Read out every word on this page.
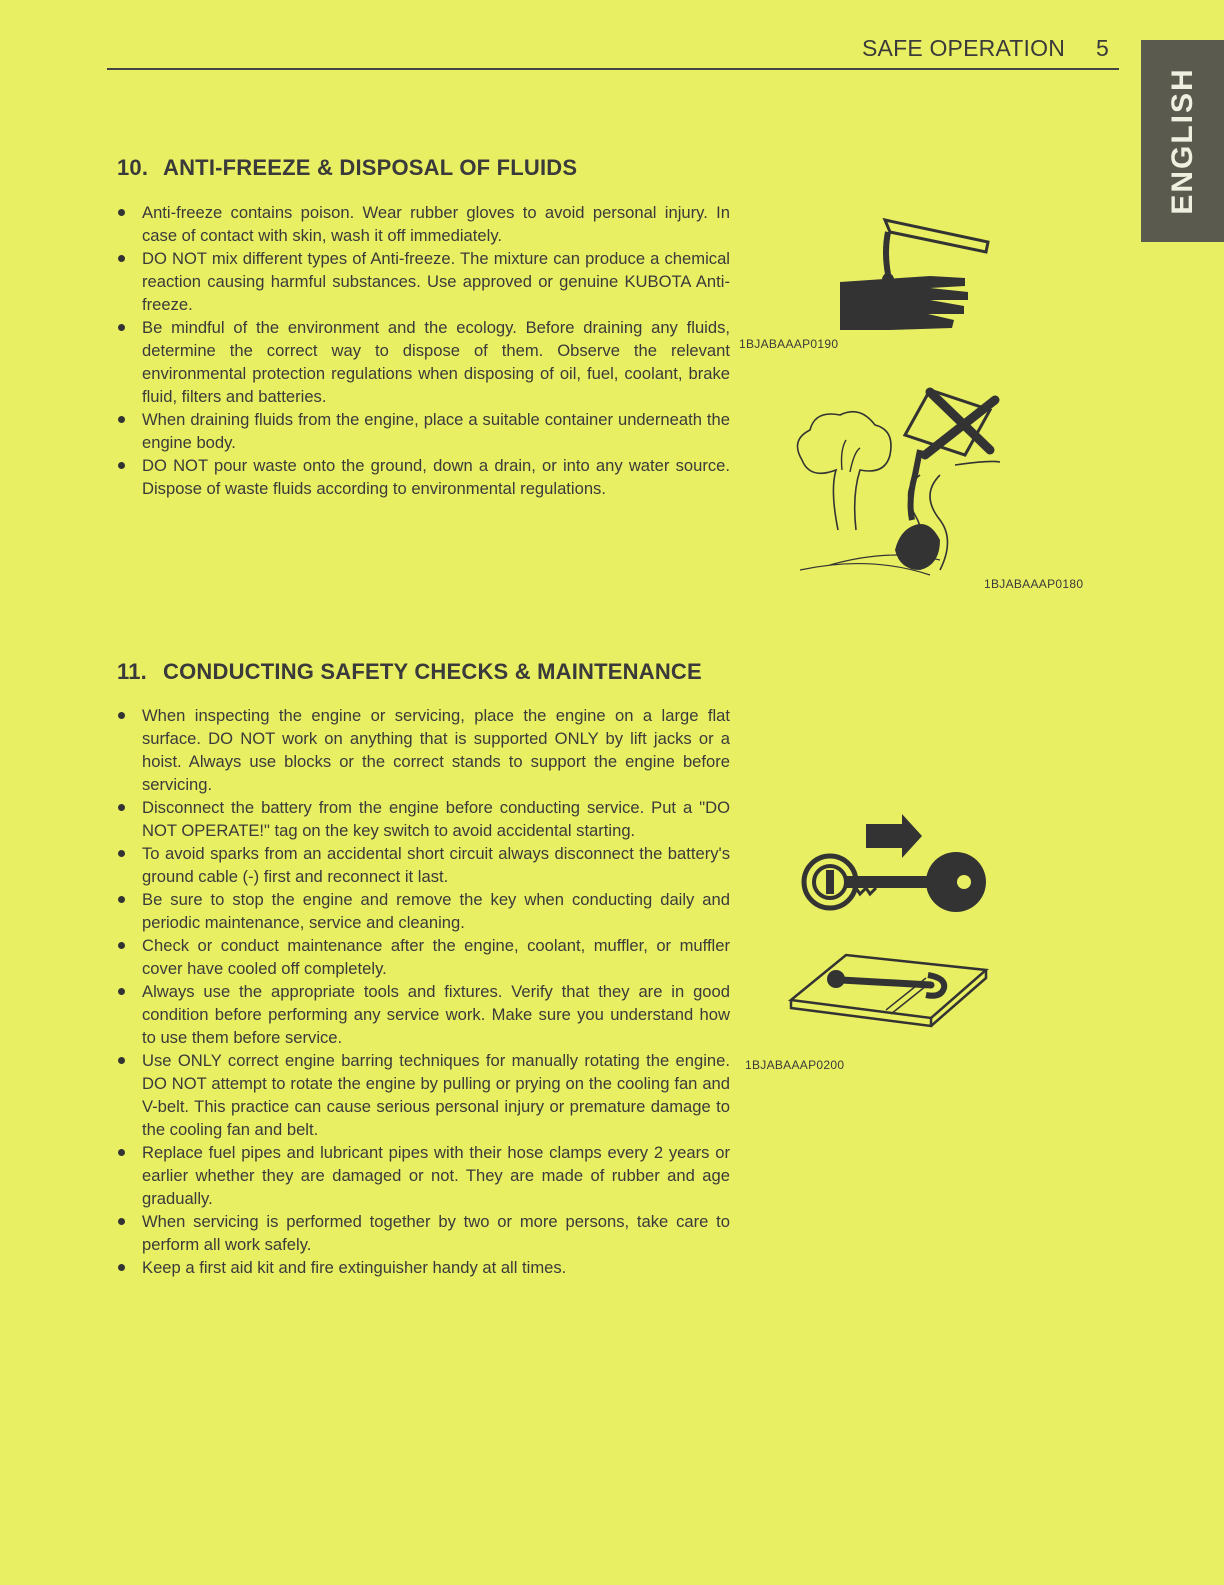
SAFE OPERATION 5
ENGLISH
10. ANTI-FREEZE & DISPOSAL OF FLUIDS
Anti-freeze contains poison. Wear rubber gloves to avoid personal injury. In case of contact with skin, wash it off immediately.
DO NOT mix different types of Anti-freeze. The mixture can produce a chemical reaction causing harmful substances. Use approved or genuine KUBOTA Anti-freeze.
Be mindful of the environment and the ecology. Before draining any fluids, determine the correct way to dispose of them. Observe the relevant environmental protection regulations when disposing of oil, fuel, coolant, brake fluid, filters and batteries.
When draining fluids from the engine, place a suitable container underneath the engine body.
DO NOT pour waste onto the ground, down a drain, or into any water source. Dispose of waste fluids according to environmental regulations.
1BJABAAAP0190
1BJABAAAP0180
11. CONDUCTING SAFETY CHECKS & MAINTENANCE
When inspecting the engine or servicing, place the engine on a large flat surface. DO NOT work on anything that is supported ONLY by lift jacks or a hoist. Always use blocks or the correct stands to support the engine before servicing.
Disconnect the battery from the engine before conducting service. Put a "DO NOT OPERATE!" tag on the key switch to avoid accidental starting.
To avoid sparks from an accidental short circuit always disconnect the battery's ground cable (-) first and reconnect it last.
Be sure to stop the engine and remove the key when conducting daily and periodic maintenance, service and cleaning.
Check or conduct maintenance after the engine, coolant, muffler, or muffler cover have cooled off completely.
Always use the appropriate tools and fixtures. Verify that they are in good condition before performing any service work. Make sure you understand how to use them before service.
Use ONLY correct engine barring techniques for manually rotating the engine. DO NOT attempt to rotate the engine by pulling or prying on the cooling fan and V-belt. This practice can cause serious personal injury or premature damage to the cooling fan and belt.
Replace fuel pipes and lubricant pipes with their hose clamps every 2 years or earlier whether they are damaged or not. They are made of rubber and age gradually.
When servicing is performed together by two or more persons, take care to perform all work safely.
Keep a first aid kit and fire extinguisher handy at all times.
1BJABAAAP0200
